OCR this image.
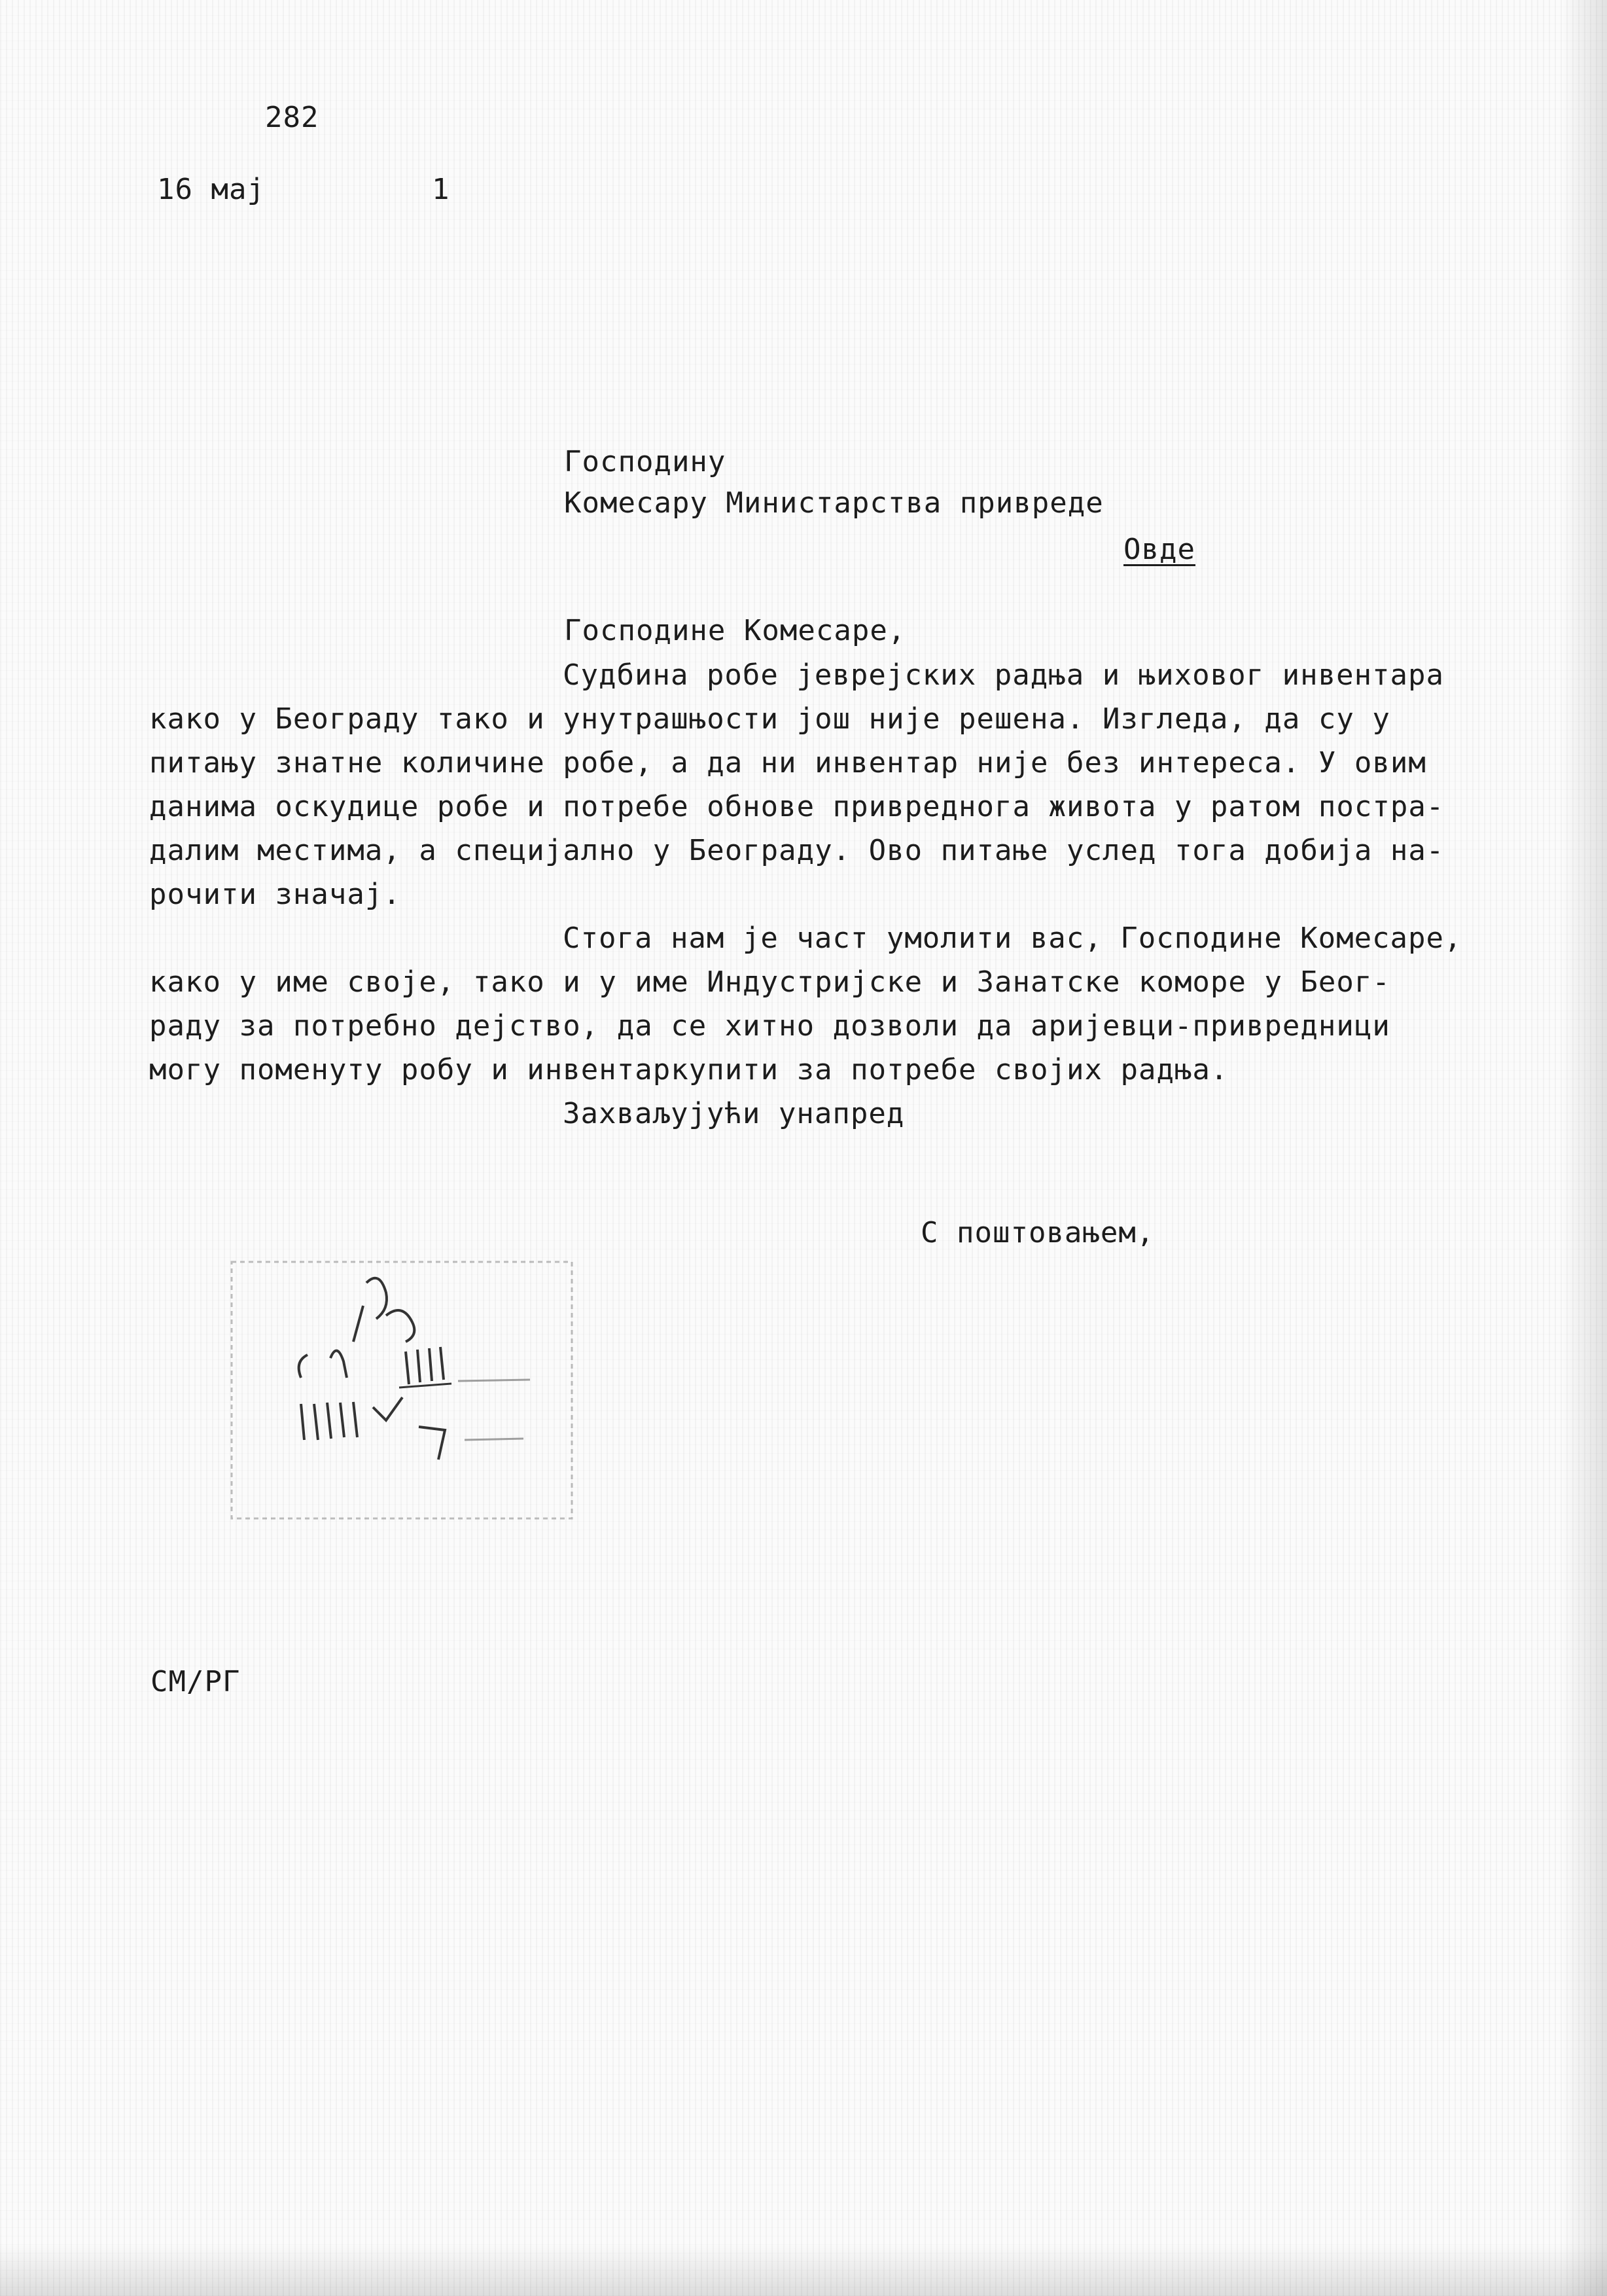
282
16 мај	1
Господину
Комесару Министарства привреде
Овде
Господине Комесаре,
Судбина робе јеврејских радња и њиховог инвентара
како у Београду тако и унутрашњости још није решена. Изгледа, да су у
питању знатне количине робе, а да ни инвентар није без интереса. У овим
данима оскудице робе и потребе обнове привреднога живота у ратом постра-
далим местима, а специјално у Београду. Ово питање услед тога добија на-
рочити значај.
Стога нам је част умолити вас, Господине Комесаре,
како у име своје, тако и у име Индустријске и Занатске коморе у Беог-
раду за потребно дејство, да се хитно дозволи да аријевци-привредници
могу поменуту робу и инвентаркупити за потребе својих радња.
Захваљујући унапред
С поштовањем,
СМ/РГ
